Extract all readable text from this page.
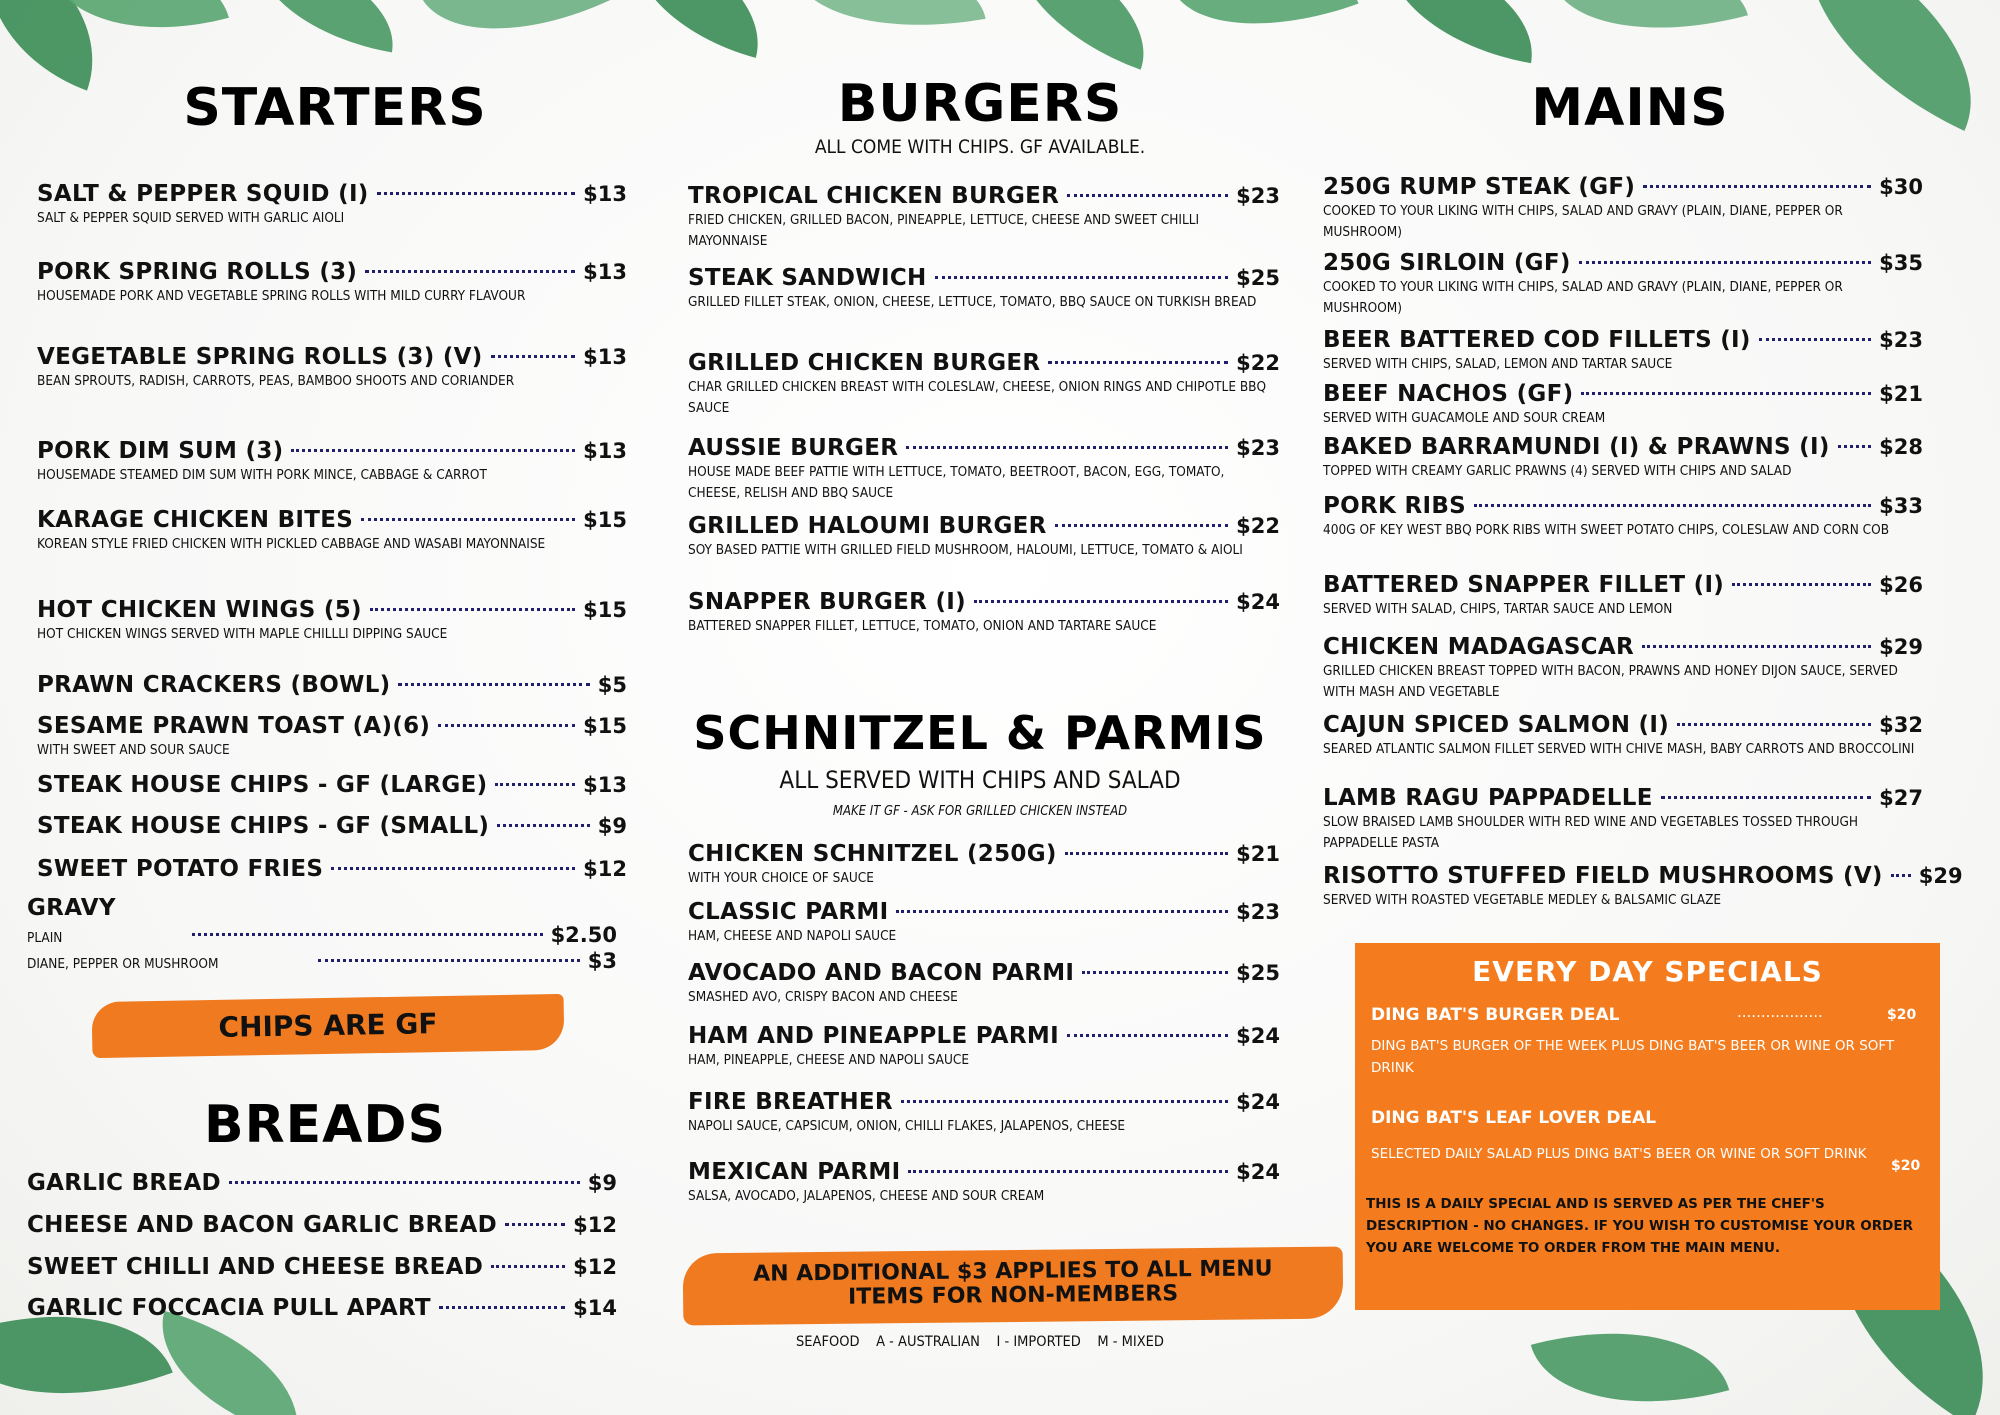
STARTERS
SALT & PEPPER SQUID (I)	$13
SALT & PEPPER SQUID SERVED WITH GARLIC AIOLI
PORK SPRING ROLLS (3)	$13
HOUSEMADE PORK AND VEGETABLE SPRING ROLLS WITH MILD CURRY FLAVOUR
VEGETABLE SPRING ROLLS (3) (V)	$13
BEAN SPROUTS, RADISH, CARROTS, PEAS, BAMBOO SHOOTS AND CORIANDER
PORK DIM SUM (3)	$13
HOUSEMADE STEAMED DIM SUM WITH PORK MINCE, CABBAGE & CARROT
KARAGE CHICKEN BITES	$15
KOREAN STYLE FRIED CHICKEN WITH PICKLED CABBAGE AND WASABI MAYONNAISE
HOT CHICKEN WINGS (5)	$15
HOT CHICKEN WINGS SERVED WITH MAPLE CHILLLI DIPPING SAUCE
PRAWN CRACKERS (BOWL)	$5
SESAME PRAWN TOAST (A)(6)	$15
WITH SWEET AND SOUR SAUCE
STEAK HOUSE CHIPS - GF (LARGE)	$13
STEAK HOUSE CHIPS - GF (SMALL)	$9
SWEET POTATO FRIES	$12
GRAVY
PLAIN	$2.50
DIANE, PEPPER OR MUSHROOM	$3
CHIPS ARE GF
BREADS
GARLIC BREAD	$9
CHEESE AND BACON GARLIC BREAD	$12
SWEET CHILLI AND CHEESE BREAD	$12
GARLIC FOCCACIA PULL APART	$14
BURGERS
ALL COME WITH CHIPS. GF AVAILABLE.
TROPICAL CHICKEN BURGER	$23
FRIED CHICKEN, GRILLED BACON, PINEAPPLE, LETTUCE, CHEESE AND SWEET CHILLI MAYONNAISE
STEAK SANDWICH	$25
GRILLED FILLET STEAK, ONION, CHEESE, LETTUCE, TOMATO, BBQ SAUCE ON TURKISH BREAD
GRILLED CHICKEN BURGER	$22
CHAR GRILLED CHICKEN BREAST WITH COLESLAW, CHEESE, ONION RINGS AND CHIPOTLE BBQ SAUCE
AUSSIE BURGER	$23
HOUSE MADE BEEF PATTIE WITH LETTUCE, TOMATO, BEETROOT, BACON, EGG, TOMATO, CHEESE, RELISH AND BBQ SAUCE
GRILLED HALOUMI BURGER	$22
SOY BASED PATTIE WITH GRILLED FIELD MUSHROOM, HALOUMI, LETTUCE, TOMATO & AIOLI
SNAPPER BURGER (I)	$24
BATTERED SNAPPER FILLET, LETTUCE, TOMATO, ONION AND TARTARE SAUCE
SCHNITZEL & PARMIS
ALL SERVED WITH CHIPS AND SALAD
MAKE IT GF - ASK FOR GRILLED CHICKEN INSTEAD
CHICKEN SCHNITZEL (250G)	$21
WITH YOUR CHOICE OF SAUCE
CLASSIC PARMI	$23
HAM, CHEESE AND NAPOLI SAUCE
AVOCADO AND BACON PARMI	$25
SMASHED AVO, CRISPY BACON AND CHEESE
HAM AND PINEAPPLE PARMI	$24
HAM, PINEAPPLE, CHEESE AND NAPOLI SAUCE
FIRE BREATHER	$24
NAPOLI SAUCE, CAPSICUM, ONION, CHILLI FLAKES, JALAPENOS, CHEESE
MEXICAN PARMI	$24
SALSA, AVOCADO, JALAPENOS, CHEESE AND SOUR CREAM
AN ADDITIONAL $3 APPLIES TO ALL MENU ITEMS FOR NON-MEMBERS
SEAFOOD    A - AUSTRALIAN    I - IMPORTED    M - MIXED
MAINS
250G RUMP STEAK (GF)	$30
COOKED TO YOUR LIKING WITH CHIPS, SALAD AND GRAVY (PLAIN, DIANE, PEPPER OR MUSHROOM)
250G SIRLOIN (GF)	$35
COOKED TO YOUR LIKING WITH CHIPS, SALAD AND GRAVY (PLAIN, DIANE, PEPPER OR MUSHROOM)
BEER BATTERED COD FILLETS (I)	$23
SERVED WITH CHIPS, SALAD, LEMON AND TARTAR SAUCE
BEEF NACHOS (GF)	$21
SERVED WITH GUACAMOLE AND SOUR CREAM
BAKED BARRAMUNDI (I) & PRAWNS (I) $28
TOPPED WITH CREAMY GARLIC PRAWNS (4) SERVED WITH CHIPS AND SALAD
PORK RIBS	$33
400G OF KEY WEST BBQ PORK RIBS WITH SWEET POTATO CHIPS, COLESLAW AND CORN COB
BATTERED SNAPPER FILLET (I)	$26
SERVED WITH SALAD, CHIPS, TARTAR SAUCE AND LEMON
CHICKEN MADAGASCAR	$29
GRILLED CHICKEN BREAST TOPPED WITH BACON, PRAWNS AND HONEY DIJON SAUCE, SERVED WITH MASH AND VEGETABLE
CAJUN SPICED SALMON (I)	$32
SEARED ATLANTIC SALMON FILLET SERVED WITH CHIVE MASH, BABY CARROTS AND BROCCOLINI
LAMB RAGU PAPPADELLE	$27
SLOW BRAISED LAMB SHOULDER WITH RED WINE AND VEGETABLES TOSSED THROUGH PAPPADELLE PASTA
RISOTTO STUFFED FIELD MUSHROOMS (V) $29
SERVED WITH ROASTED VEGETABLE MEDLEY & BALSAMIC GLAZE
EVERY DAY SPECIALS
DING BAT'S BURGER DEAL	..................	$20
DING BAT'S BURGER OF THE WEEK PLUS DING BAT'S BEER OR WINE OR SOFT DRINK
DING BAT'S LEAF LOVER DEAL
SELECTED DAILY SALAD PLUS DING BAT'S BEER OR WINE OR SOFT DRINK
$20
THIS IS A DAILY SPECIAL AND IS SERVED AS PER THE CHEF'S DESCRIPTION - NO CHANGES. IF YOU WISH TO CUSTOMISE YOUR ORDER YOU ARE WELCOME TO ORDER FROM THE MAIN MENU.
